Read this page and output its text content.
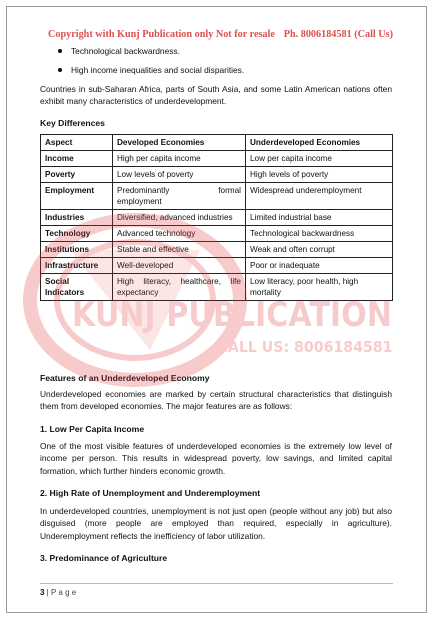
Copyright with Kunj Publication only Not for resale Ph. 8006184581 (Call Us)
Technological backwardness.
High income inequalities and social disparities.
Countries in sub-Saharan Africa, parts of South Asia, and some Latin American nations often exhibit many characteristics of underdevelopment.
Key Differences
Aspect	Developed Economies	Underdeveloped Economies
Income	High per capita income	Low per capita income
Poverty	Low levels of poverty	High levels of poverty
Employment	Predominantly formal employment	Widespread underemployment
Industries	Diversified, advanced industries	Limited industrial base
Technology	Advanced technology	Technological backwardness
Institutions	Stable and effective	Weak and often corrupt
Infrastructure	Well-developed	Poor or inadequate
Social Indicators	High literacy, healthcare, life expectancy	Low literacy, poor health, high mortality
Features of an Underdeveloped Economy
Underdeveloped economies are marked by certain structural characteristics that distinguish them from developed economies. The major features are as follows:
1. Low Per Capita Income
One of the most visible features of underdeveloped economies is the extremely low level of income per person. This results in widespread poverty, low savings, and limited capital formation, which further hinders economic growth.
2. High Rate of Unemployment and Underemployment
In underdeveloped countries, unemployment is not just open (people without any job) but also disguised (more people are employed than required, especially in agriculture). Underemployment reflects the inefficiency of labor utilization.
3. Predominance of Agriculture
KUNJ PUBLICATION
CALL US: 8006184581
3 | P a g e
